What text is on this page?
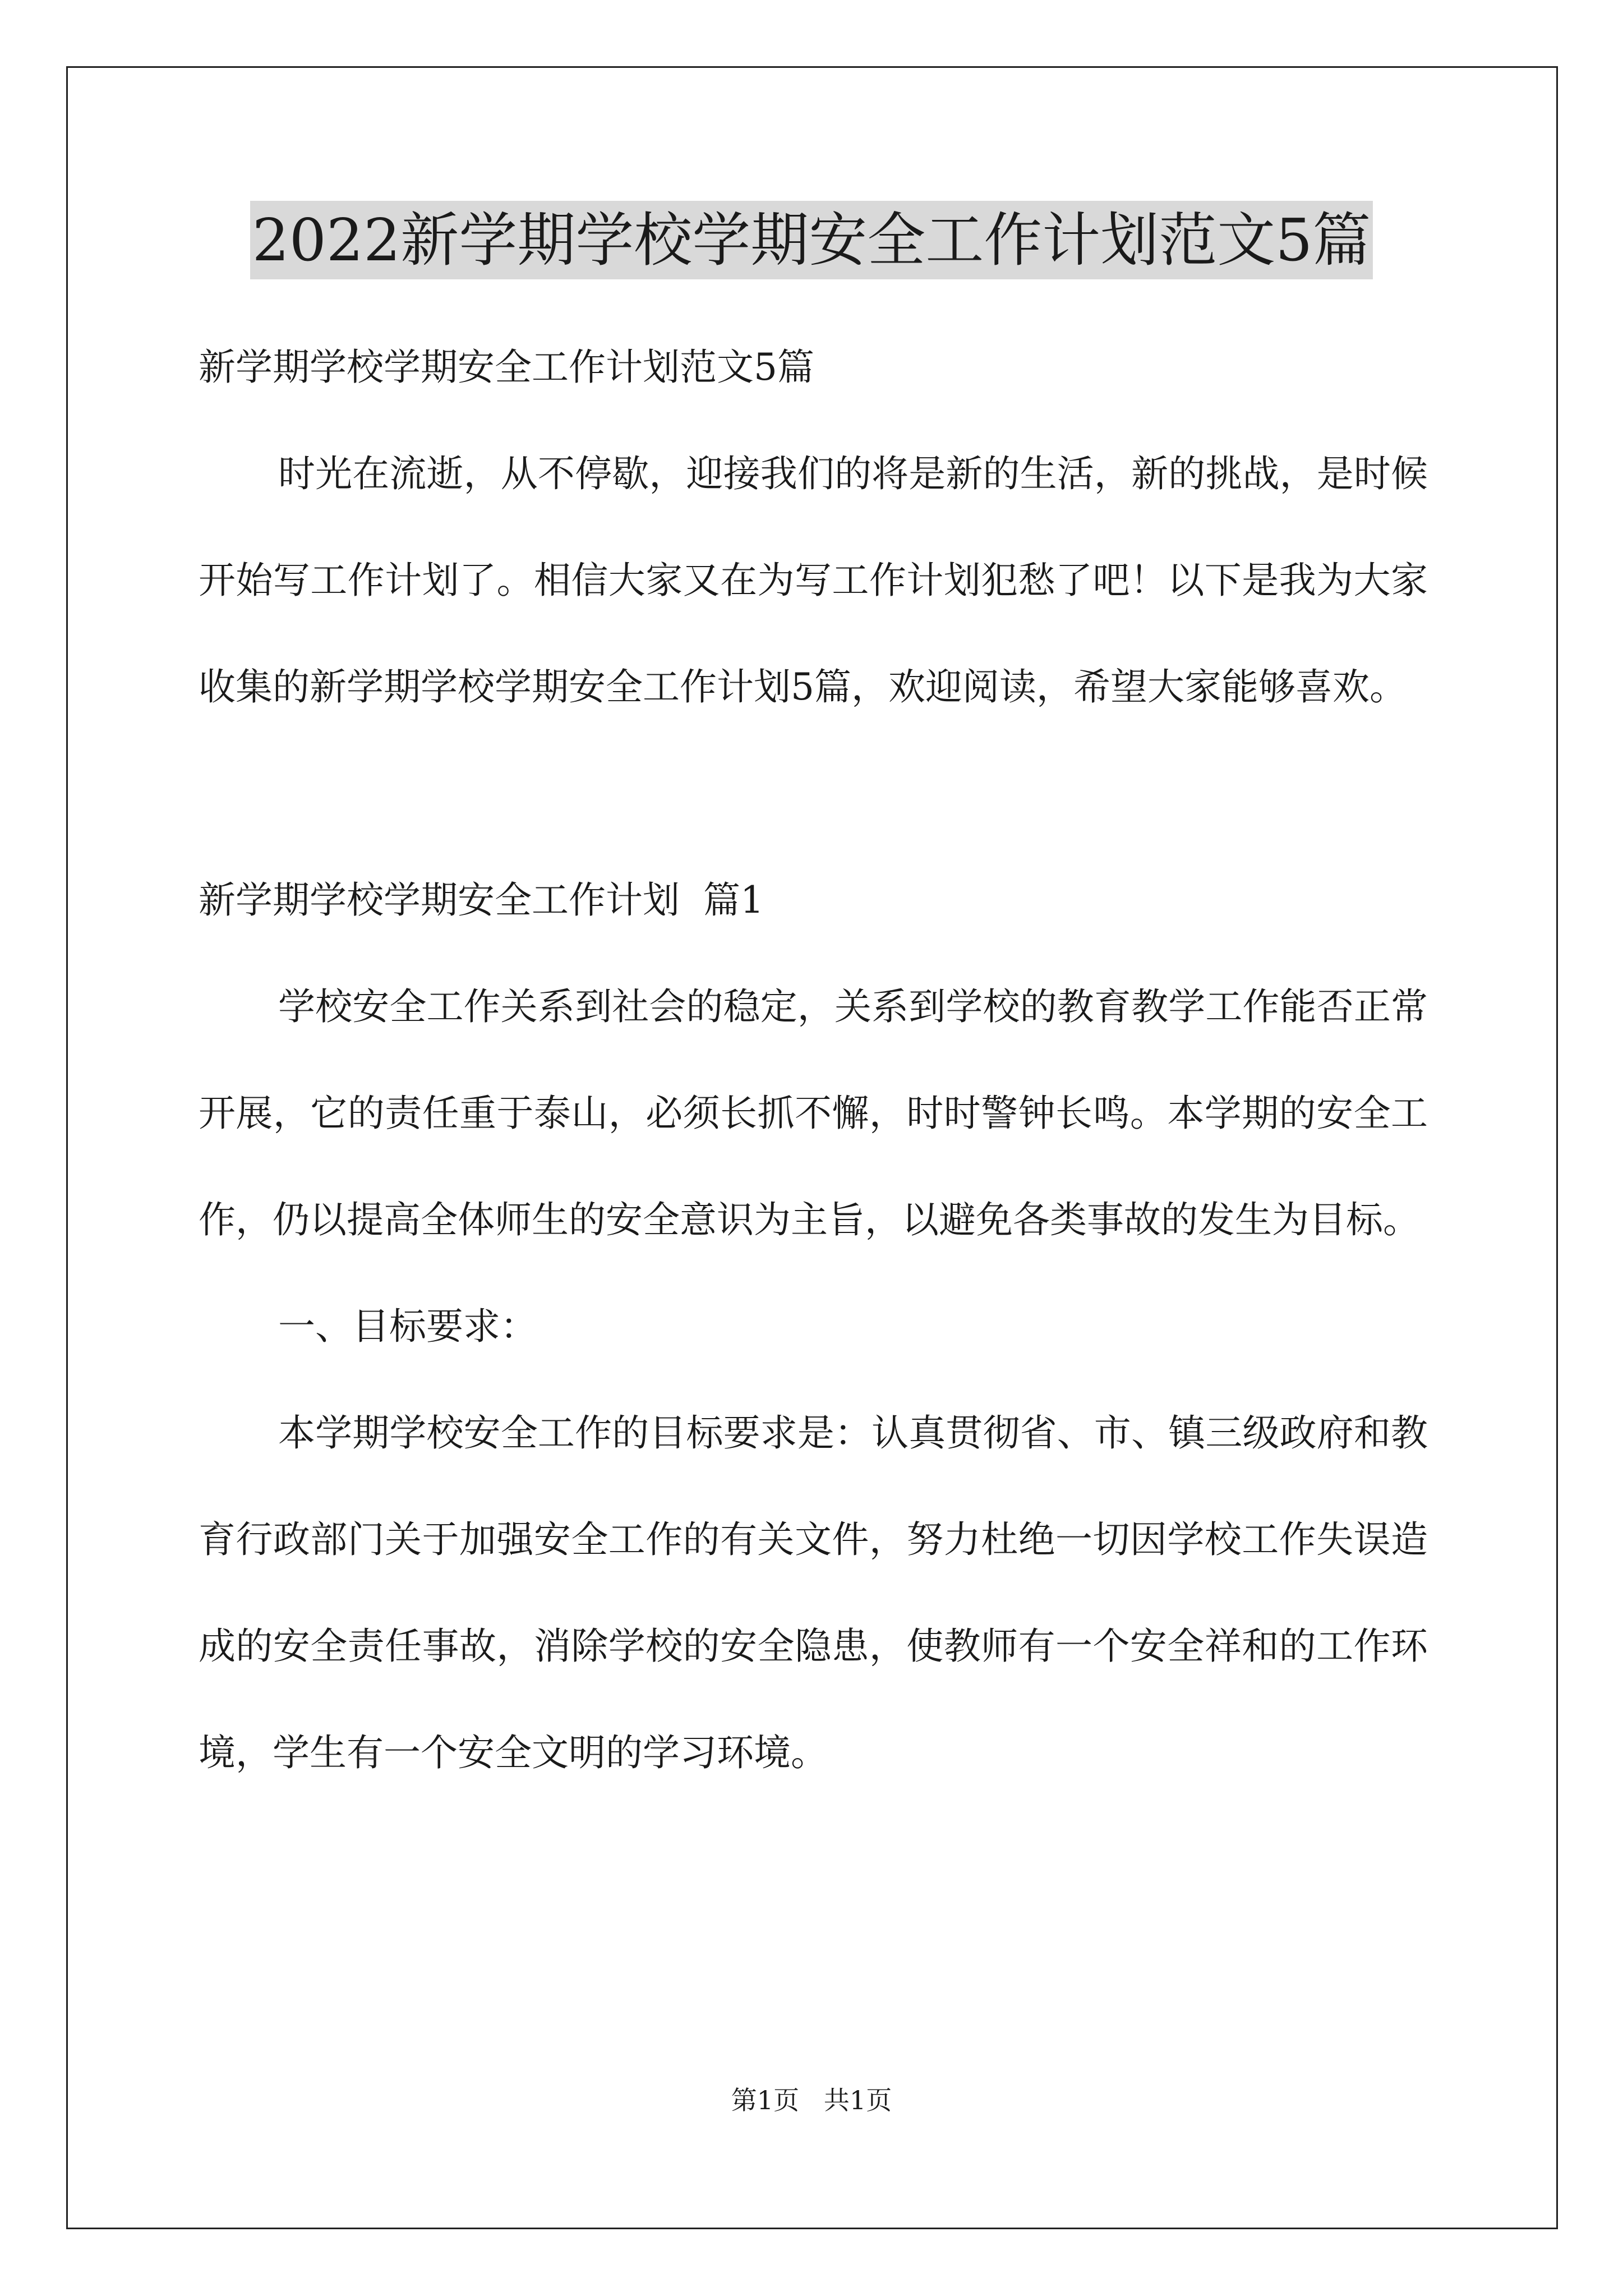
2022新学期学校学期安全工作计划范文5篇

新学期学校学期安全工作计划范文5篇

时光在流逝，从不停歇，迎接我们的将是新的生活，新的挑战，是时候开始写工作计划了。相信大家又在为写工作计划犯愁了吧！以下是我为大家收集的新学期学校学期安全工作计划5篇，欢迎阅读，希望大家能够喜欢。

新学期学校学期安全工作计划  篇1

学校安全工作关系到社会的稳定，关系到学校的教育教学工作能否正常开展，它的责任重于泰山，必须长抓不懈，时时警钟长鸣。本学期的安全工作，仍以提高全体师生的安全意识为主旨，以避免各类事故的发生为目标。

一、目标要求：

本学期学校安全工作的目标要求是：认真贯彻省、市、镇三级政府和教育行政部门关于加强安全工作的有关文件，努力杜绝一切因学校工作失误造成的安全责任事故，消除学校的安全隐患，使教师有一个安全祥和的工作环境，学生有一个安全文明的学习环境。

第1页   共1页
